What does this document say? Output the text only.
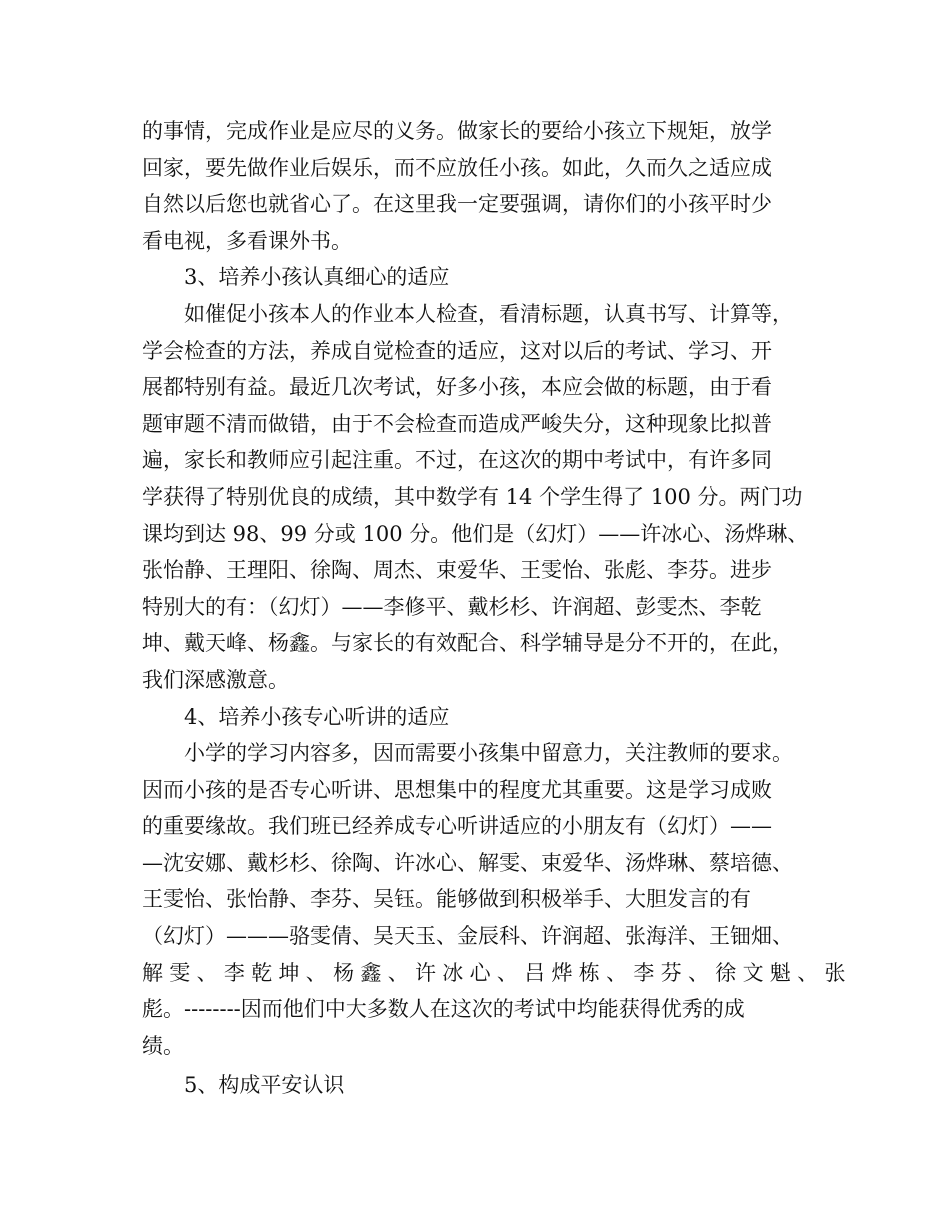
的事情，完成作业是应尽的义务。做家长的要给小孩立下规矩，放学
回家，要先做作业后娱乐，而不应放任小孩。如此，久而久之适应成
自然以后您也就省心了。在这里我一定要强调，请你们的小孩平时少
看电视，多看课外书。
3、培养小孩认真细心的适应
如催促小孩本人的作业本人检查，看清标题，认真书写、计算等，
学会检查的方法，养成自觉检查的适应，这对以后的考试、学习、开
展都特别有益。最近几次考试，好多小孩，本应会做的标题，由于看
题审题不清而做错，由于不会检查而造成严峻失分，这种现象比拟普
遍，家长和教师应引起注重。不过，在这次的期中考试中，有许多同
学获得了特别优良的成绩，其中数学有 14 个学生得了 100 分。两门功
课均到达 98、99 分或 100 分。他们是（幻灯）——许冰心、汤烨琳、
张怡静、王理阳、徐陶、周杰、束爱华、王雯怡、张彪、李芬。进步
特别大的有：（幻灯）——李修平、戴杉杉、许润超、彭雯杰、李乾
坤、戴天峰、杨鑫。与家长的有效配合、科学辅导是分不开的，在此，
我们深感激意。
4、培养小孩专心听讲的适应
小学的学习内容多，因而需要小孩集中留意力，关注教师的要求。
因而小孩的是否专心听讲、思想集中的程度尤其重要。这是学习成败
的重要缘故。我们班已经养成专心听讲适应的小朋友有（幻灯）——
—沈安娜、戴杉杉、徐陶、许冰心、解雯、束爱华、汤烨琳、蔡培德、
王雯怡、张怡静、李芬、吴钰。能够做到积极举手、大胆发言的有
（幻灯）———骆雯倩、吴天玉、金辰科、许润超、张海洋、王钿畑、
解雯、李乾坤、杨鑫、许冰心、吕烨栋、李芬、徐文魁、张
彪。--------因而他们中大多数人在这次的考试中均能获得优秀的成
绩。
5、构成平安认识
